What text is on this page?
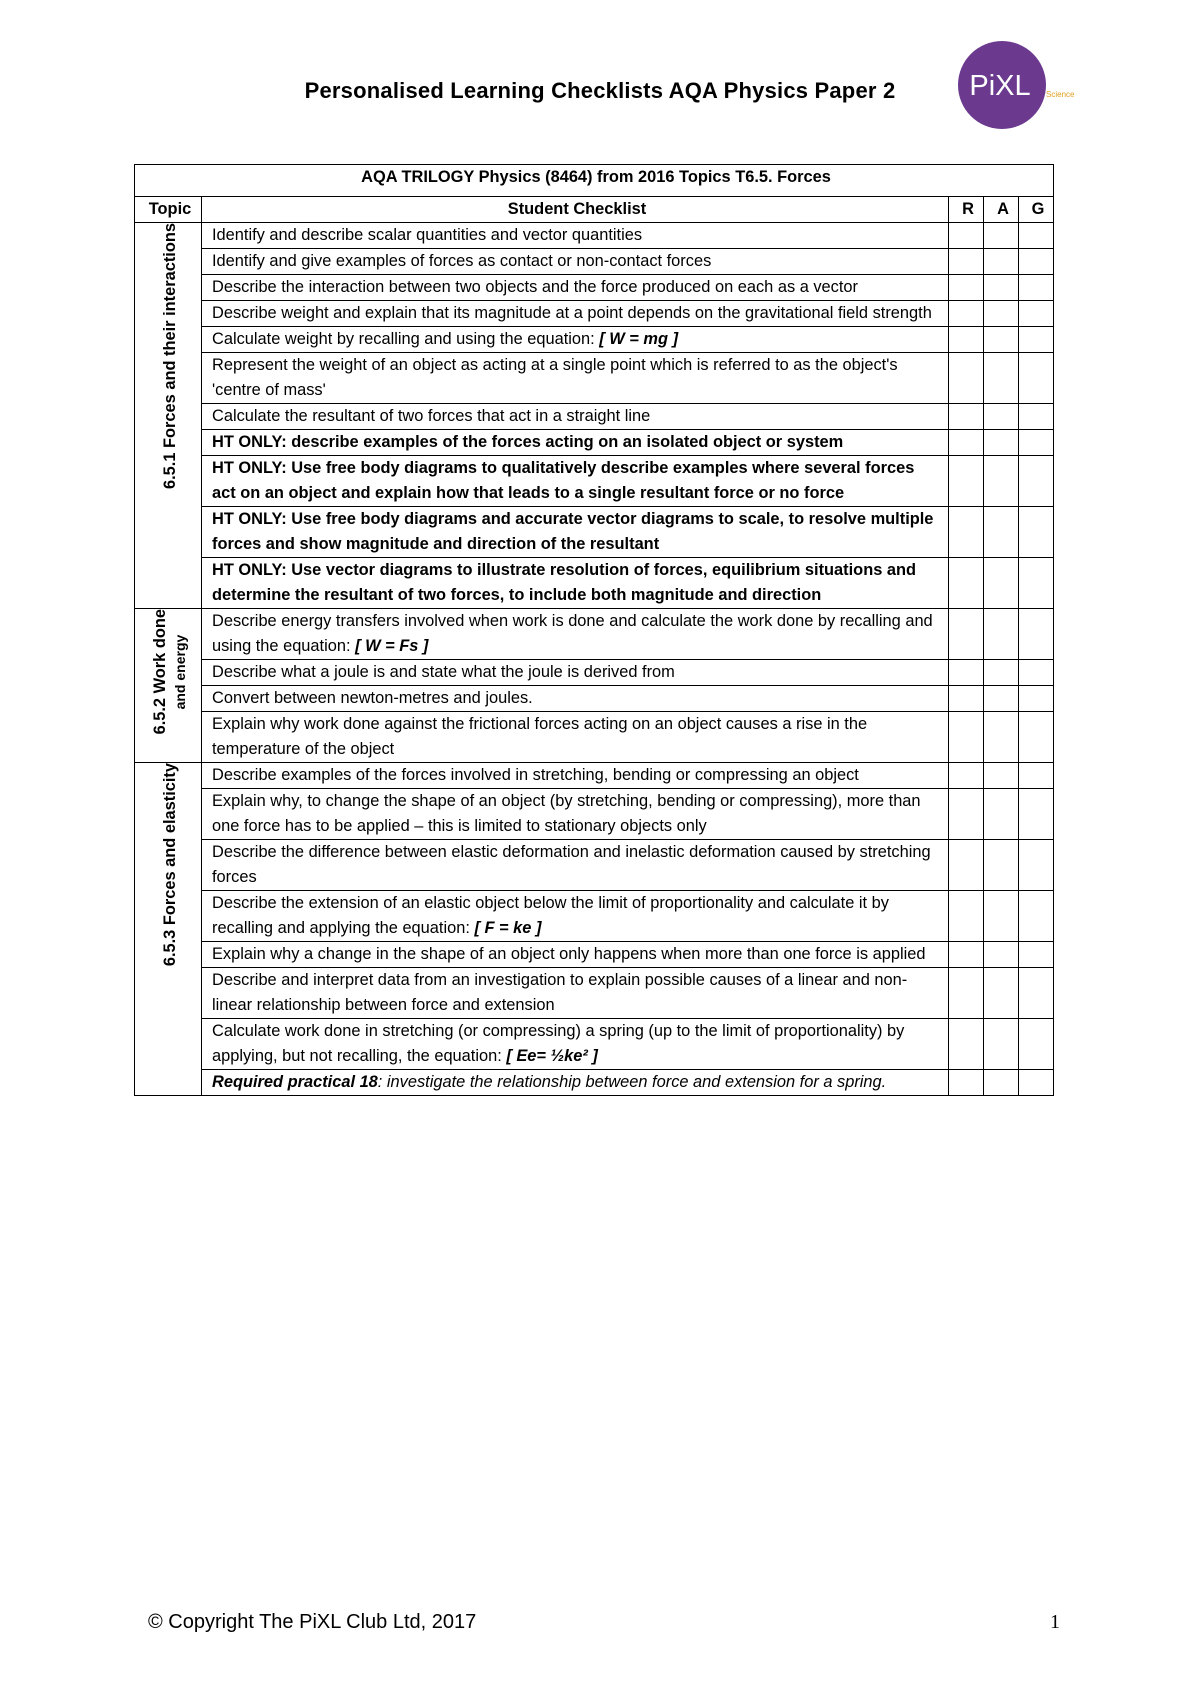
Personalised Learning Checklists AQA Physics Paper 2	PiXL Science
AQA TRILOGY Physics (8464) from 2016 Topics T6.5. Forces				
Topic	Student Checklist	R	A	G
6.5.1 Forces and their interactions	Identify and describe scalar quantities and vector quantities			
	Identify and give examples of forces as contact or non-contact forces			
	Describe the interaction between two objects and the force produced on each as a vector			
	Describe weight and explain that its magnitude at a point depends on the gravitational field strength			
	Calculate weight by recalling and using the equation: [ W = mg ]			
	Represent the weight of an object as acting at a single point which is referred to as the object's 'centre of mass'			
	Calculate the resultant of two forces that act in a straight line			
	HT ONLY: describe examples of the forces acting on an isolated object or system			
	HT ONLY: Use free body diagrams to qualitatively describe examples where several forces act on an object and explain how that leads to a single resultant force or no force			
	HT ONLY: Use free body diagrams and accurate vector diagrams to scale, to resolve multiple forces and show magnitude and direction of the resultant			
	HT ONLY: Use vector diagrams to illustrate resolution of forces, equilibrium situations and determine the resultant of two forces, to include both magnitude and direction			
6.5.2 Work done and energy	Describe energy transfers involved when work is done and calculate the work done by recalling and using the equation: [ W = Fs ]			
	Describe what a joule is and state what the joule is derived from			
	Convert between newton-metres and joules.			
	Explain why work done against the frictional forces acting on an object causes a rise in the temperature of the object			
6.5.3 Forces and elasticity	Describe examples of the forces involved in stretching, bending or compressing an object			
	Explain why, to change the shape of an object (by stretching, bending or compressing), more than one force has to be applied – this is limited to stationary objects only			
	Describe the difference between elastic deformation and inelastic deformation caused by stretching forces			
	Describe the extension of an elastic object below the limit of proportionality and calculate it by recalling and applying the equation: [ F = ke ]			
	Explain why a change in the shape of an object only happens when more than one force is applied			
	Describe and interpret data from an investigation to explain possible causes of a linear and non-linear relationship between force and extension			
	Calculate work done in stretching (or compressing) a spring (up to the limit of proportionality) by applying, but not recalling, the equation: [ Ee= ½ke² ]			
	Required practical 18: investigate the relationship between force and extension for a spring.			
© Copyright The PiXL Club Ltd, 2017	1
